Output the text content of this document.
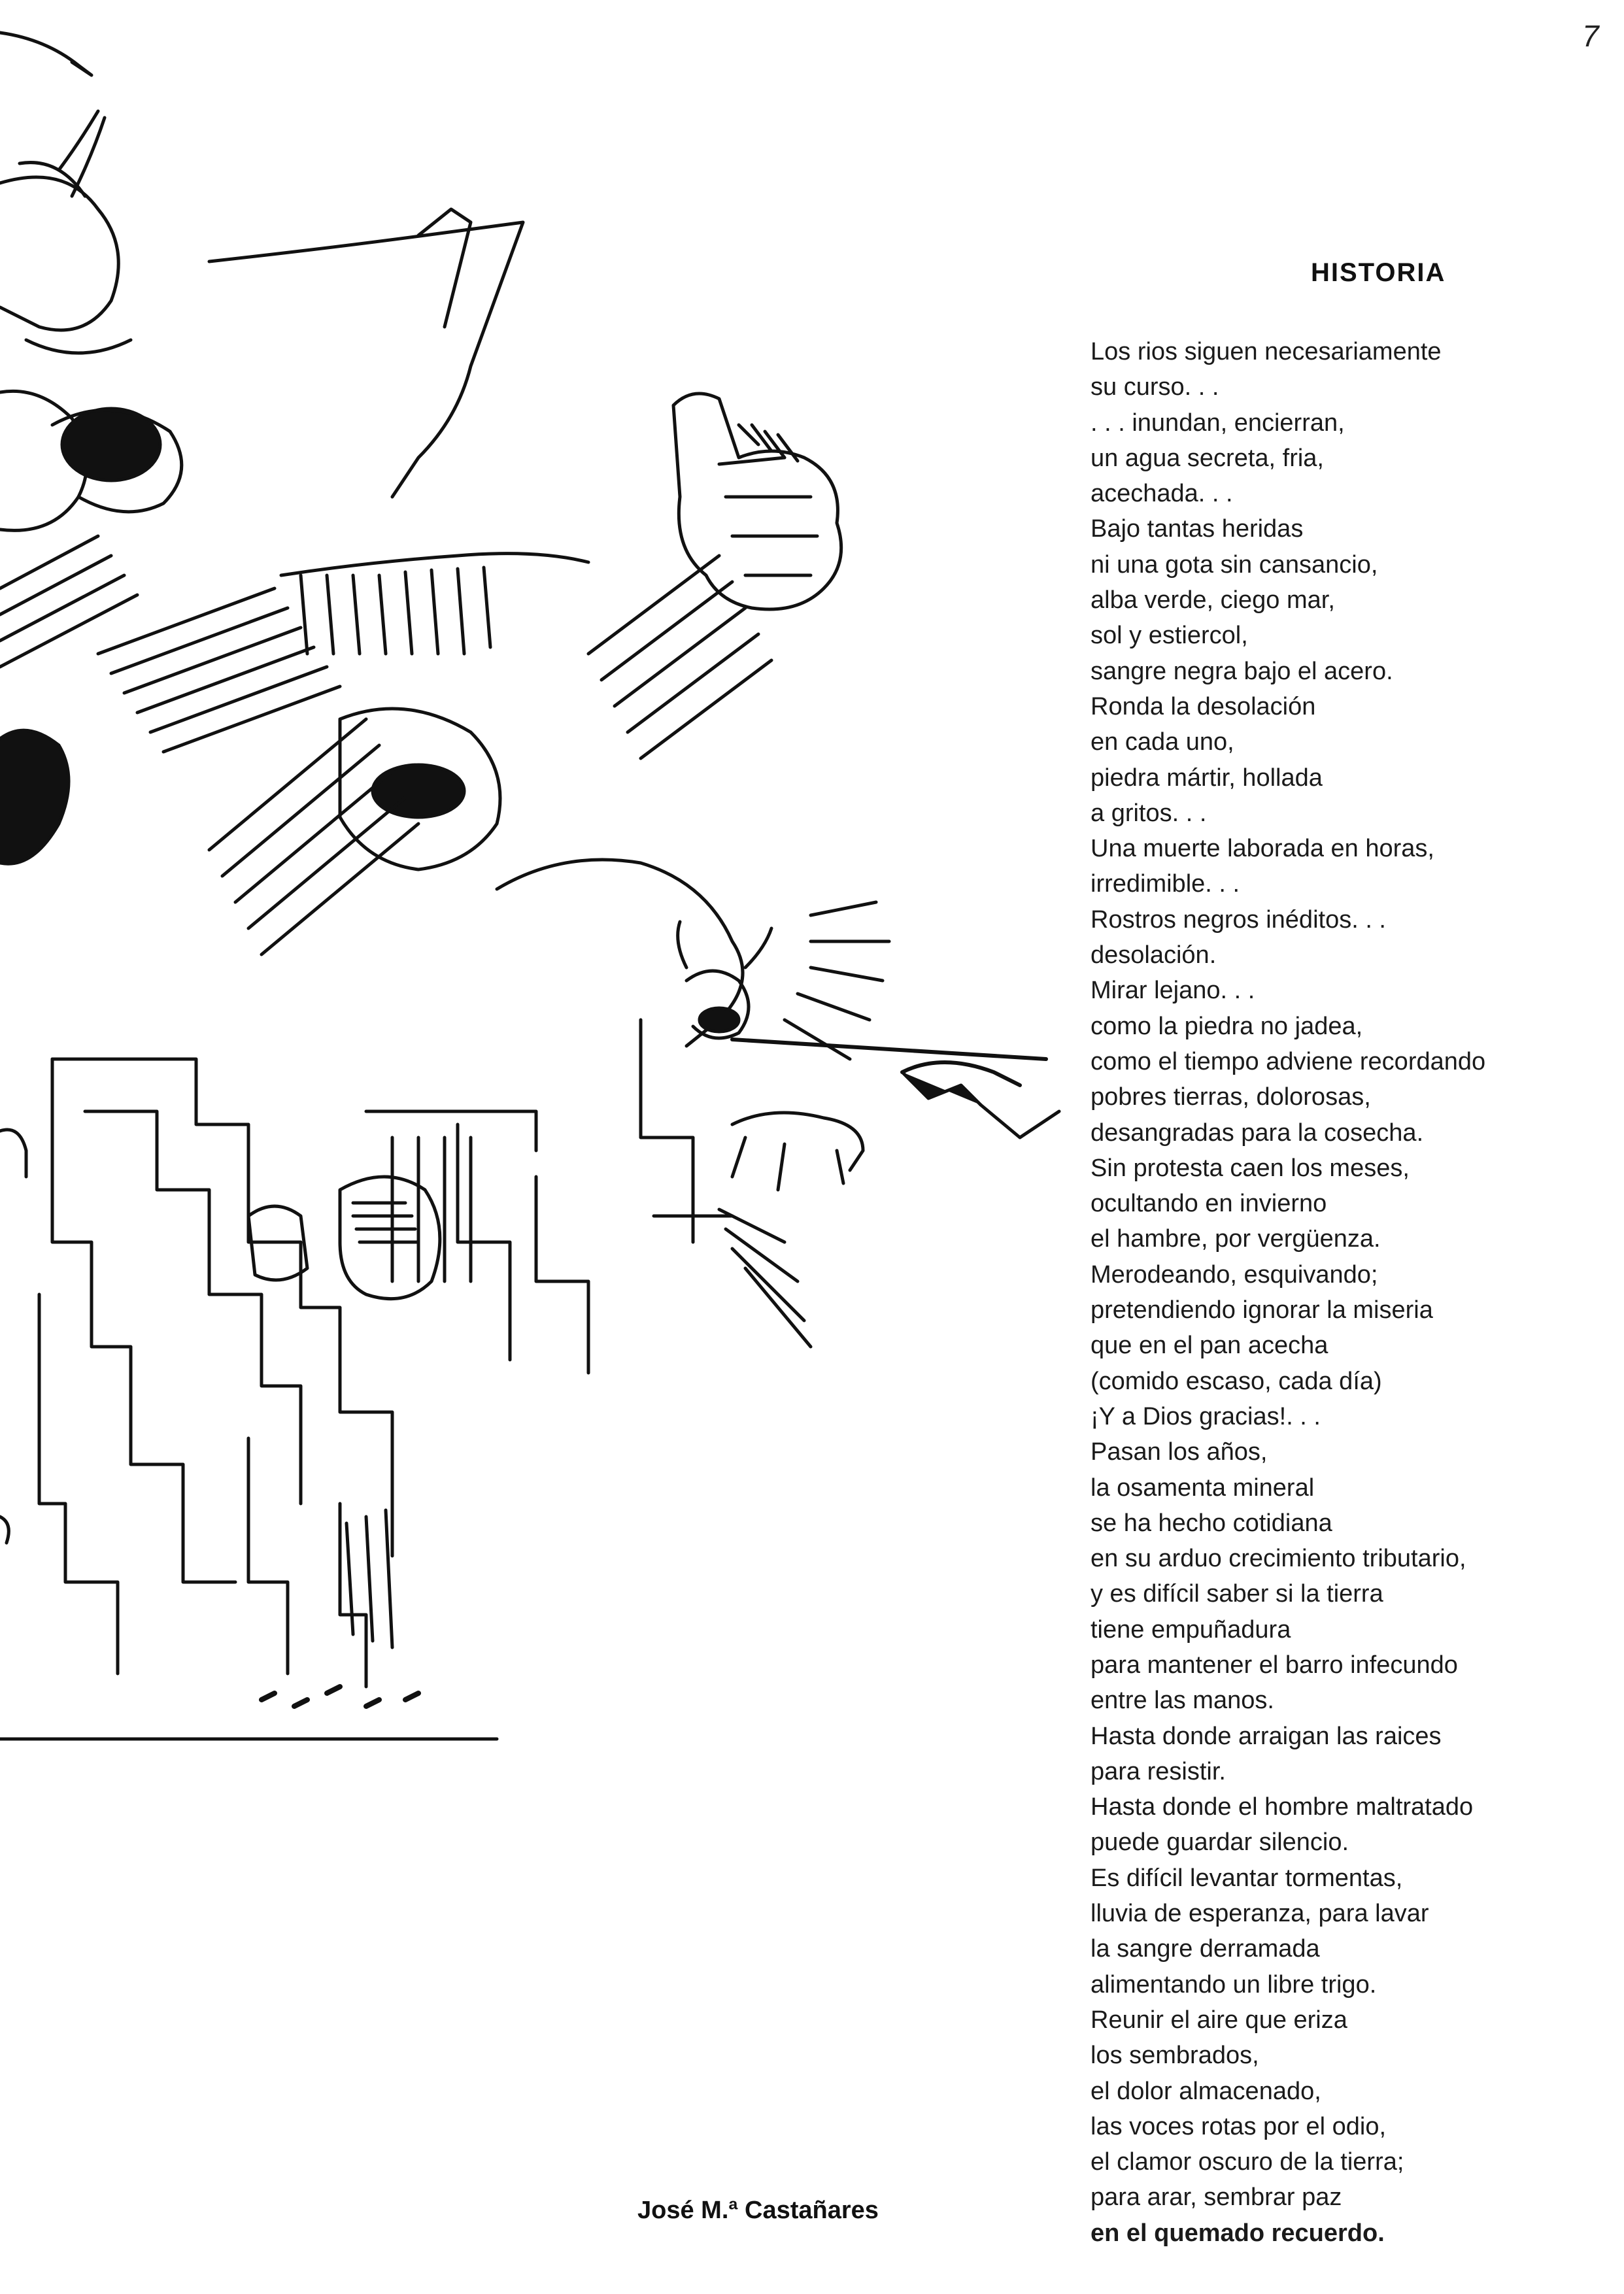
7
HISTORIA
Los rios siguen necesariamente
su curso. . .
. . . inundan, encierran,
un agua secreta, fria,
acechada. . .
Bajo tantas heridas
ni una gota sin cansancio,
alba verde, ciego mar,
sol y estiercol,
sangre negra bajo el acero.
Ronda la desolación
en cada uno,
piedra mártir, hollada
a gritos. . .
Una muerte laborada en horas,
irredimible. . .
Rostros negros inéditos. . .
desolación.
Mirar lejano. . .
como la piedra no jadea,
como el tiempo adviene recordando
pobres tierras, dolorosas,
desangradas para la cosecha.
Sin protesta caen los meses,
ocultando en invierno
el hambre, por vergüenza.
Merodeando, esquivando;
pretendiendo ignorar la miseria
que en el pan acecha
(comido escaso, cada día)
¡Y a Dios gracias!. . .
Pasan los años,
la osamenta mineral
se ha hecho cotidiana
en su arduo crecimiento tributario,
y es difícil saber si la tierra
tiene empuñadura
para mantener el barro infecundo
entre las manos.
Hasta donde arraigan las raices
para resistir.
Hasta donde el hombre maltratado
puede guardar silencio.
Es difícil levantar tormentas,
lluvia de esperanza, para lavar
la sangre derramada
alimentando un libre trigo.
Reunir el aire que eriza
los sembrados,
el dolor almacenado,
las voces rotas por el odio,
el clamor oscuro de la tierra;
para arar, sembrar paz
en el quemado recuerdo.
José M.ª Castañares
